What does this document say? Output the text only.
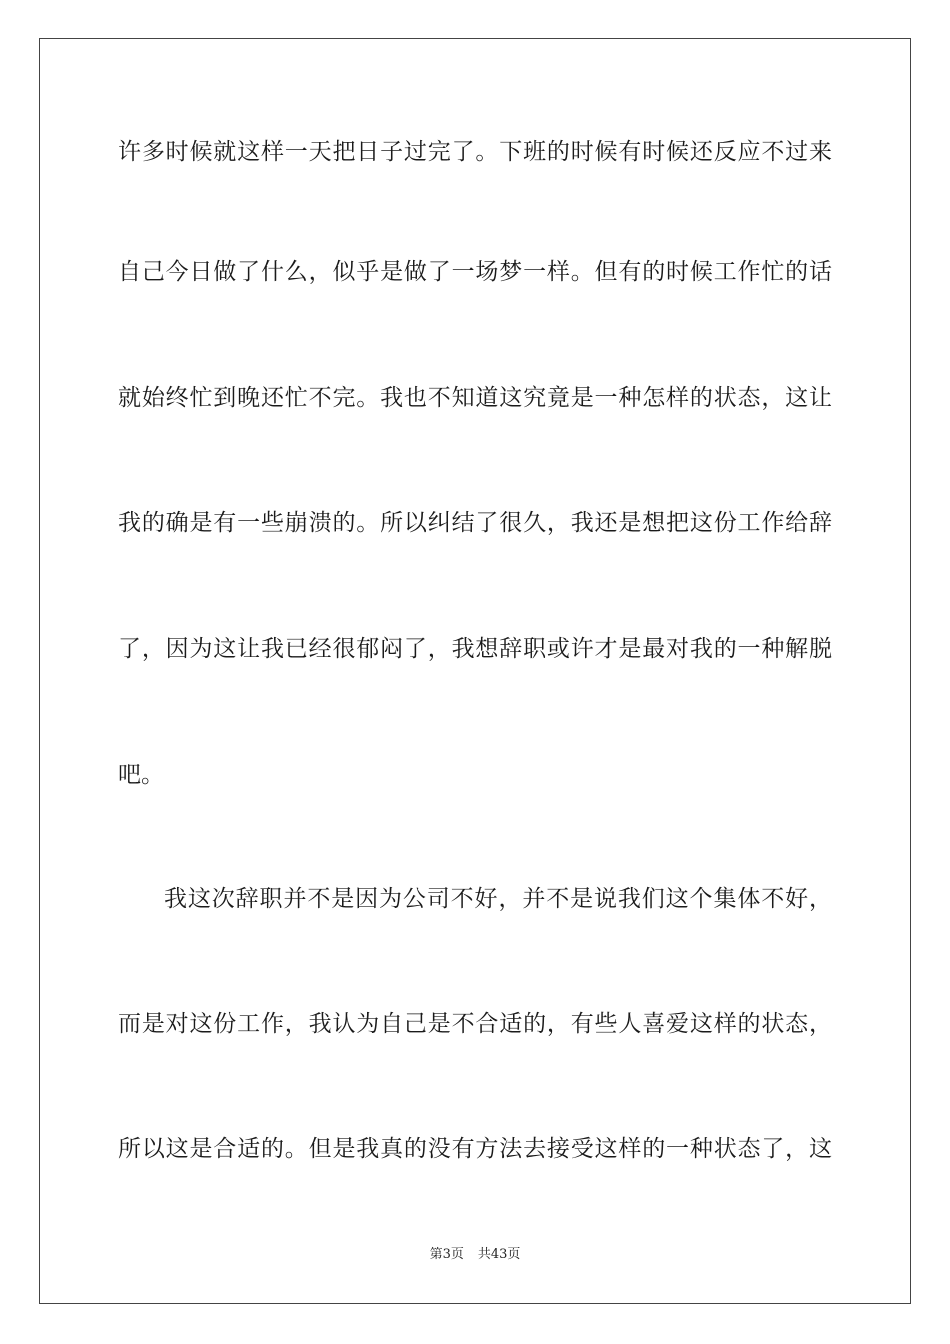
许多时候就这样一天把日子过完了。下班的时候有时候还反应不过来
自己今日做了什么，似乎是做了一场梦一样。但有的时候工作忙的话
就始终忙到晚还忙不完。我也不知道这究竟是一种怎样的状态，这让
我的确是有一些崩溃的。所以纠结了很久，我还是想把这份工作给辞
了，因为这让我已经很郁闷了，我想辞职或许才是最对我的一种解脱
吧。
我这次辞职并不是因为公司不好，并不是说我们这个集体不好，
而是对这份工作，我认为自己是不合适的，有些人喜爱这样的状态，
所以这是合适的。但是我真的没有方法去接受这样的一种状态了，这
第3页 共43页
